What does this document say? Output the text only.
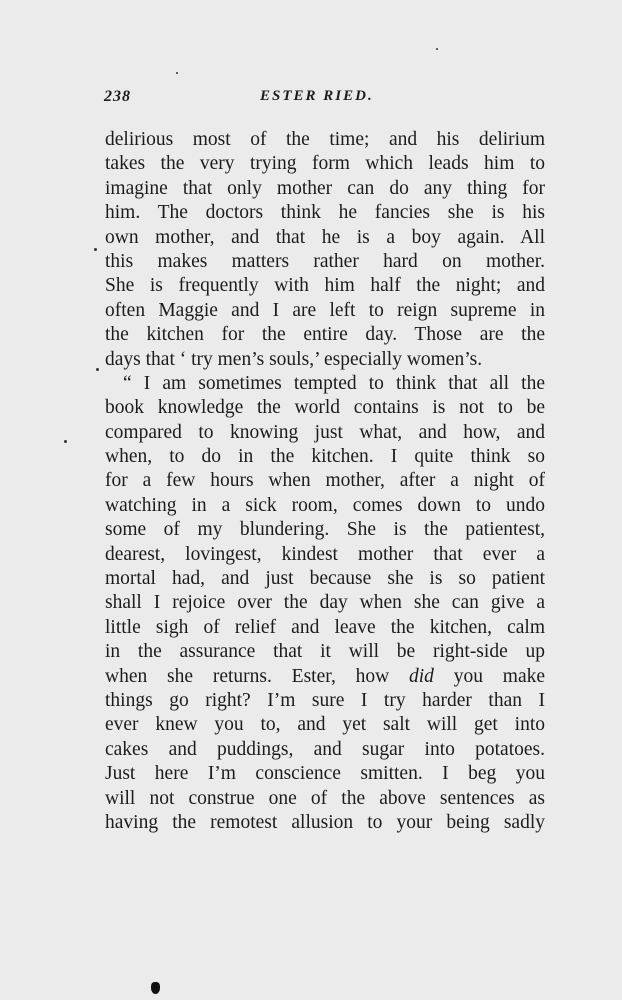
238	ESTER RIED.
delirious most of the time; and his delirium
takes the very trying form which leads him to
imagine that only mother can do any thing for
him. The doctors think he fancies she is his
own mother, and that he is a boy again. All
this makes matters rather hard on mother.
She is frequently with him half the night; and
often Maggie and I are left to reign supreme in
the kitchen for the entire day. Those are the
days that ‘ try men’s souls,’ especially women’s.
“ I am sometimes tempted to think that all the
book knowledge the world contains is not to be
compared to knowing just what, and how, and
when, to do in the kitchen. I quite think so
for a few hours when mother, after a night of
watching in a sick room, comes down to undo
some of my blundering. She is the patientest,
dearest, lovingest, kindest mother that ever a
mortal had, and just because she is so patient
shall I rejoice over the day when she can give a
little sigh of relief and leave the kitchen, calm
in the assurance that it will be right-side up
when she returns. Ester, how did you make
things go right? I’m sure I try harder than I
ever knew you to, and yet salt will get into
cakes and puddings, and sugar into potatoes.
Just here I’m conscience smitten. I beg you
will not construe one of the above sentences as
having the remotest allusion to your being sadly
